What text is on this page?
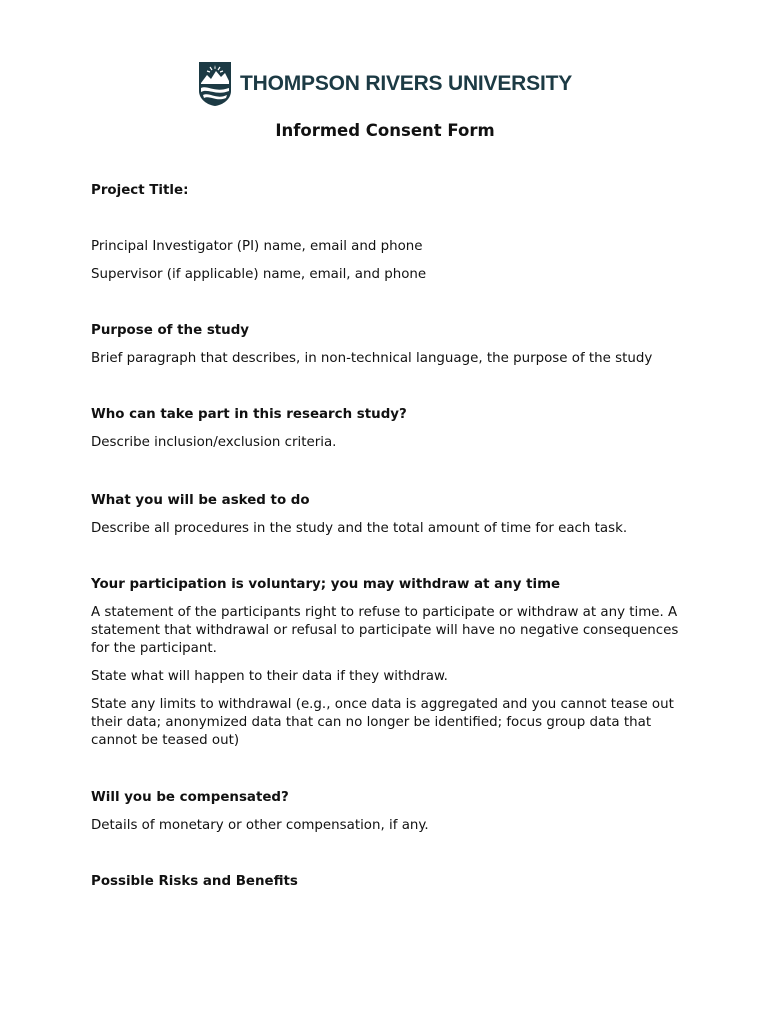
THOMPSON RIVERS UNIVERSITY
Informed Consent Form
Project Title:
Principal Investigator (PI) name, email and phone
Supervisor (if applicable) name, email, and phone
Purpose of the study
Brief paragraph that describes, in non-technical language, the purpose of the study
Who can take part in this research study?
Describe inclusion/exclusion criteria.
What you will be asked to do
Describe all procedures in the study and the total amount of time for each task.
Your participation is voluntary; you may withdraw at any time
A statement of the participants right to refuse to participate or withdraw at any time. A statement that withdrawal or refusal to participate will have no negative consequences for the participant.
State what will happen to their data if they withdraw.
State any limits to withdrawal (e.g., once data is aggregated and you cannot tease out their data; anonymized data that can no longer be identified; focus group data that cannot be teased out)
Will you be compensated?
Details of monetary or other compensation, if any.
Possible Risks and Benefits
